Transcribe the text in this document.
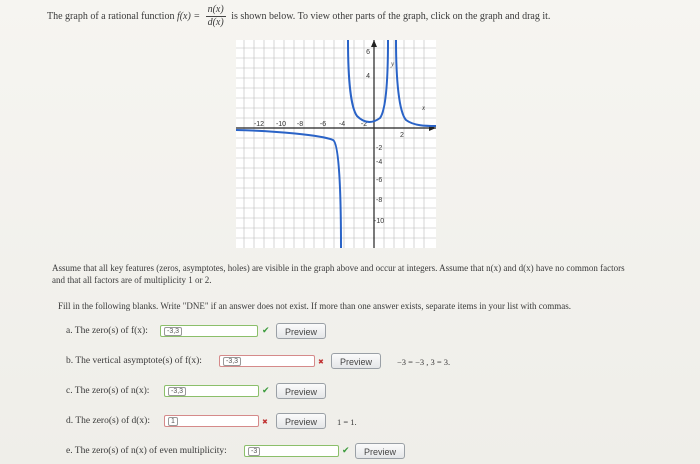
The graph of a rational function $f(x) = \frac{n(x)}{d(x)}$ is shown below. To view other parts of the graph, click on the graph and drag it.
-12 -10 -8 -6 -4 -2
2
6
4
-2
-4
-6
-8
-10
y
x
Assume that all key features (zeros, asymptotes, holes) are visible in the graph above and occur at integers. Assume that n(x) and d(x) have no common factors and that all factors are of multiplicity 1 or 2.
Fill in the following blanks. Write "DNE" if an answer does not exist. If more than one answer exists, separate items in your list with commas.
a. The zero(s) of f(x):	-3,3	✔	Preview
b. The vertical asymptote(s) of f(x):	-3,3	✖	Preview	−3 = −3 , 3 = 3.
c. The zero(s) of n(x):	-3,3	✔	Preview
d. The zero(s) of d(x):	1	✖	Preview	1 = 1.
e. The zero(s) of n(x) of even multiplicity:	-3	✔	Preview
